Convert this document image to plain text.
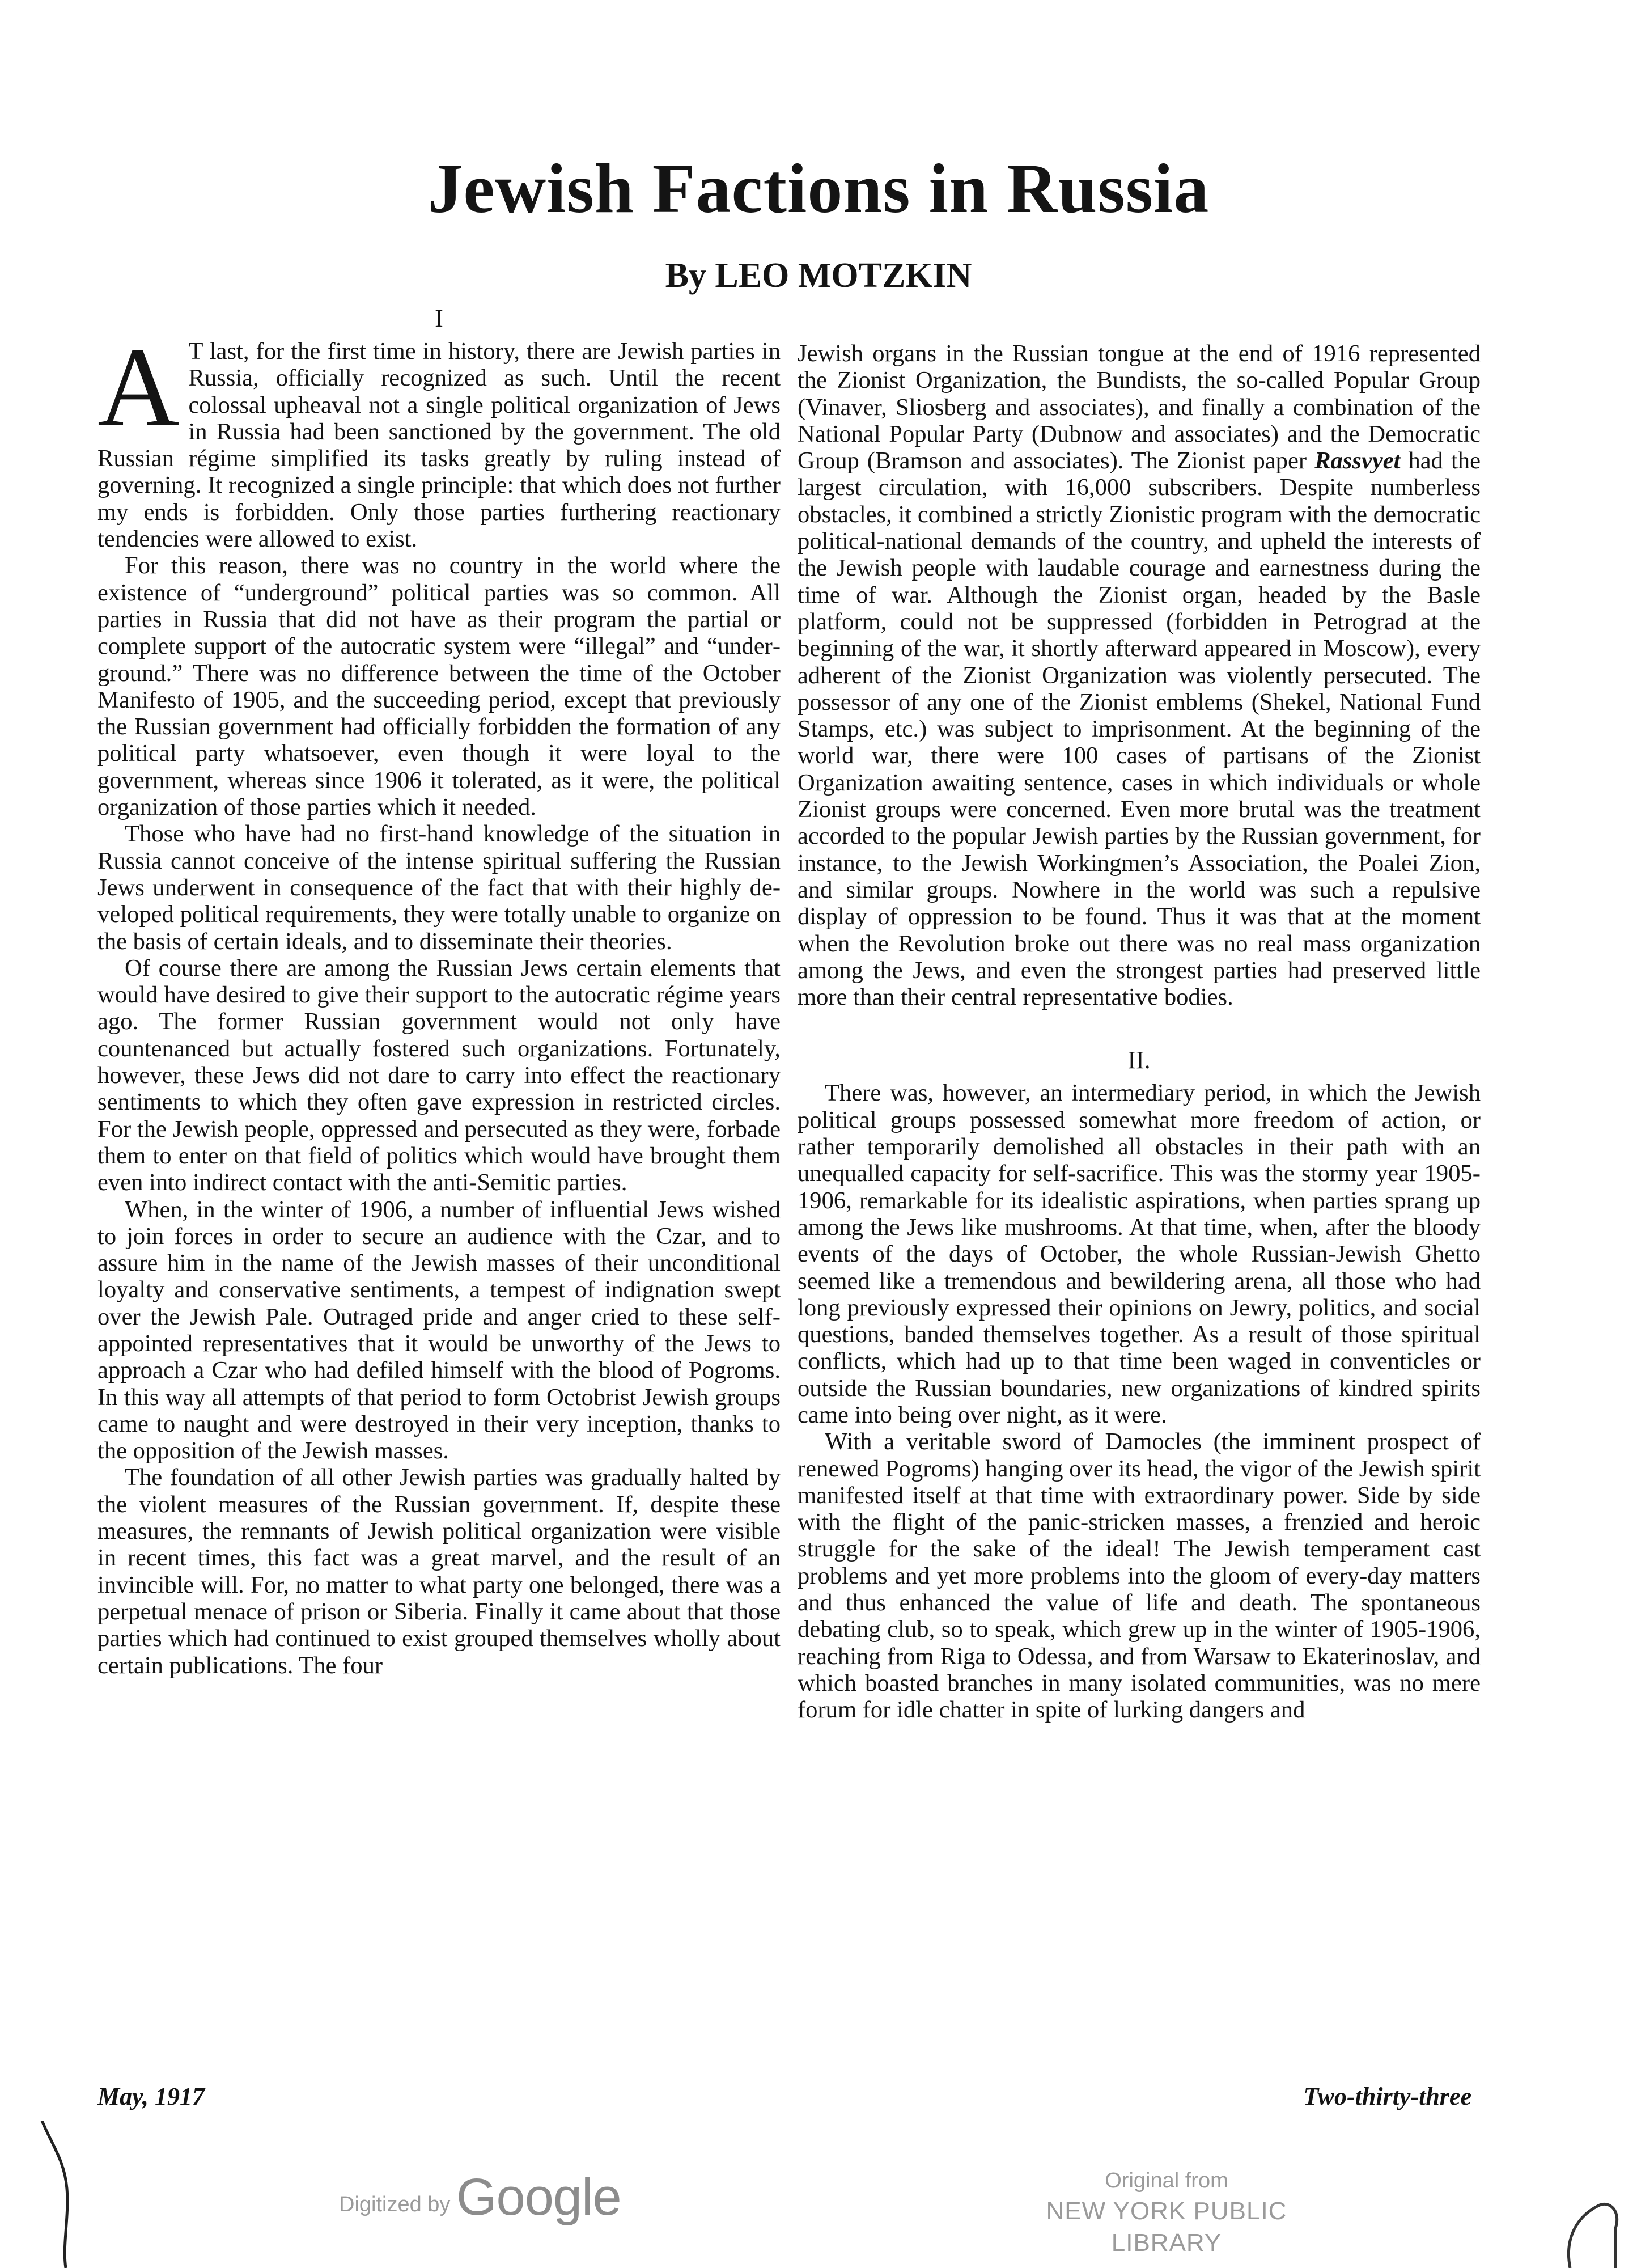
Jewish Factions in Russia
By LEO MOTZKIN
I

A T last, for the first time in history, there are Jewish parties in Russia, officially recognized as such. Until the recent colossal upheaval not a single political organization of Jews in Russia had been sanctioned by the government. The old Russian régime simplified its tasks greatly by ruling instead of governing. It recognized a single principle: that which does not further my ends is forbidden. Only those parties furthering reactionary tendencies were allowed to exist.

For this reason, there was no country in the world where the existence of “underground” political parties was so common. All parties in Russia that did not have as their program the partial or complete support of the autocratic system were “illegal” and “underground.” There was no difference between the time of the October Manifesto of 1905, and the succeeding period, except that previously the Russian government had officially forbidden the formation of any political party whatsoever, even though it were loyal to the government, whereas since 1906 it tolerated, as it were, the political organization of those parties which it needed.

Those who have had no first-hand knowledge of the situation in Russia cannot conceive of the intense spiritual suffering the Russian Jews underwent in consequence of the fact that with their highly developed political requirements, they were totally unable to organize on the basis of certain ideals, and to disseminate their theories.

Of course there are among the Russian Jews certain elements that would have desired to give their support to the autocratic régime years ago. The former Russian government would not only have countenanced but actually fostered such organizations. Fortunately, however, these Jews did not dare to carry into effect the reactionary sentiments to which they often gave expression in restricted circles. For the Jewish people, oppressed and persecuted as they were, forbade them to enter on that field of politics which would have brought them even into indirect contact with the anti-Semitic parties.

When, in the winter of 1906, a number of influential Jews wished to join forces in order to secure an audience with the Czar, and to assure him in the name of the Jewish masses of their unconditional loyalty and conservative sentiments, a tempest of indignation swept over the Jewish Pale. Outraged pride and anger cried to these self-appointed representatives that it would be unworthy of the Jews to approach a Czar who had defiled himself with the blood of Pogroms. In this way all attempts of that period to form Octobrist Jewish groups came to naught and were destroyed in their very inception, thanks to the opposition of the Jewish masses.

The foundation of all other Jewish parties was gradually halted by the violent measures of the Russian government. If, despite these measures, the remnants of Jewish political organization were visible in recent times, this fact was a great marvel, and the result of an invincible will. For, no matter to what party one belonged, there was a perpetual menace of prison or Siberia. Finally it came about that those parties which had continued to exist grouped themselves wholly about certain publications. The four

Jewish organs in the Russian tongue at the end of 1916 represented the Zionist Organization, the Bundists, the so-called Popular Group (Vinaver, Sliosberg and associates), and finally a combination of the National Popular Party (Dubnow and associates) and the Democratic Group (Bramson and associates). The Zionist paper Rassvyet had the largest circulation, with 16,000 subscribers. Despite numberless obstacles, it combined a strictly Zionistic program with the democratic political-national demands of the country, and upheld the interests of the Jewish people with laudable courage and earnestness during the time of war. Although the Zionist organ, headed by the Basle platform, could not be suppressed (forbidden in Petrograd at the beginning of the war, it shortly afterward appeared in Moscow), every adherent of the Zionist Organization was violently persecuted. The possessor of any one of the Zionist emblems (Shekel, National Fund Stamps, etc.) was subject to imprisonment. At the beginning of the world war, there were 100 cases of partisans of the Zionist Organization awaiting sentence, cases in which individuals or whole Zionist groups were concerned. Even more brutal was the treatment accorded to the popular Jewish parties by the Russian government, for instance, to the Jewish Workingmen’s Association, the Poalei Zion, and similar groups. Nowhere in the world was such a repulsive display of oppression to be found. Thus it was that at the moment when the Revolution broke out there was no real mass organization among the Jews, and even the strongest parties had preserved little more than their central representative bodies.

II.

There was, however, an intermediary period, in which the Jewish political groups possessed somewhat more freedom of action, or rather temporarily demolished all obstacles in their path with an unequalled capacity for self-sacrifice. This was the stormy year 1905-1906, remarkable for its idealistic aspirations, when parties sprang up among the Jews like mushrooms. At that time, when, after the bloody events of the days of October, the whole Russian-Jewish Ghetto seemed like a tremendous and bewildering arena, all those who had long previously expressed their opinions on Jewry, politics, and social questions, banded themselves together. As a result of those spiritual conflicts, which had up to that time been waged in conventicles or outside the Russian boundaries, new organizations of kindred spirits came into being over night, as it were.

With a veritable sword of Damocles (the imminent prospect of renewed Pogroms) hanging over its head, the vigor of the Jewish spirit manifested itself at that time with extraordinary power. Side by side with the flight of the panic-stricken masses, a frenzied and heroic struggle for the sake of the ideal! The Jewish temperament cast problems and yet more problems into the gloom of every-day matters and thus enhanced the value of life and death. The spontaneous debating club, so to speak, which grew up in the winter of 1905-1906, reaching from Riga to Odessa, and from Warsaw to Ekaterinoslav, and which boasted branches in many isolated communities, was no mere forum for idle chatter in spite of lurking dangers and

May, 1917	Two-thirty-three
Digitized by Google	Original from
NEW YORK PUBLIC LIBRARY
